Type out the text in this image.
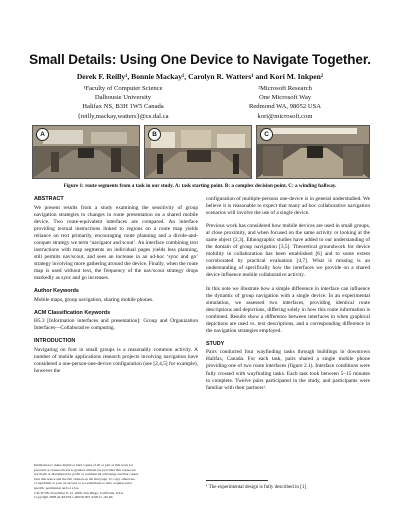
Small Details: Using One Device to Navigate Together.
Derek F. Reilly¹, Bonnie Mackay¹, Carolyn R. Watters¹ and Kori M. Inkpen²
¹Faculty of Computer Science
Dalhousie University
Halifax NS, B3H 1W5 Canada
{reilly,mackay,watters}@cs.dal.ca
²Microsoft Research
One Microsoft Way
Redmond WA, 98052 USA
kori@microsoft.com
A	B	C
Figure 1: route segments from a task in our study. A: task starting point. B: a complex decision point. C: a winding hallway.
ABSTRACT
We present results from a study examining the sensitivity of group navigation strategies to changes in route presentation on a shared mobile device. Two route-equivalent interfaces are compared. An interface providing textual instructions linked to regions on a route map yields reliance on text primarily, encouraging route planning and a divide-and-conquer strategy we term ‘navigator and scout’. An interface combining text instructions with map segments on individual pages yields less planning, still permits nav/scout, and sees an increase in an ad-hoc ‘sync and go’ strategy involving more gathering around the device. Finally, when the route map is used without text, the frequency of the nav/scout strategy drops markedly as sync and go increases.
Author Keywords
Mobile maps, group navigation, sharing mobile phones.
ACM Classification Keywords
H5.3 [Information interfaces and presentation]: Group and Organization Interfaces—Collaborative computing.
INTRODUCTION
Navigating on foot in small groups is a reasonably common activity. A number of mobile applications research projects involving navigation have considered a one-person-one-device configuration (see [2,4,5] for example), however the
Permission to make digital or hard copies of all or part of this work for
personal or classroom use is granted without fee provided that copies are
not made or distributed for profit or commercial advantage and that copies
bear this notice and the full citation on the first page. To copy otherwise,
or republish, to post on servers or to redistribute to lists, requires prior
specific permission and/or a fee.
CSCW’08, November 8–12, 2008, San Diego, California, USA.
Copyright 2008 ACM 978-1-60558-007-4/08/11...$5.00.
configuration of multiple-persons one-device is in general understudied. We believe it is reasonable to expect that many ad hoc collaborative navigation scenarios will involve the use of a single device.
Previous work has considered how mobile devices are used in small groups, at close proximity, and when focused on the same activity or looking at the same object [2,3]. Ethnographic studies have added to our understanding of the domain of group navigation [3,5]. Theoretical groundwork for device mobility in collaboration has been established [6] and to some extent corroborated by practical evaluation [4,7]. What is missing is an understanding of specifically how the interfaces we provide on a shared device influence mobile collaborative activity.
In this note we illustrate how a simple difference in interface can influence the dynamic of group navigation with a single device. In an experimental simulation, we assessed two interfaces, providing identical route descriptions and depictions, differing solely in how this route information is combined. Results show a difference between interfaces in when graphical depictions are used vs. text descriptions, and a corresponding difference in the navigation strategies employed.
STUDY
Pairs conducted four wayfinding tasks through buildings in downtown Halifax, Canada. For each task, pairs shared a single mobile phone providing one of two route interfaces (figure 2.1). Interface conditions were fully crossed with wayfinding tasks. Each task took between 5–15 minutes to complete. Twelve pairs participated in the study, and participants were familiar with their partners¹.
¹ The experimental design is fully described in [1]
